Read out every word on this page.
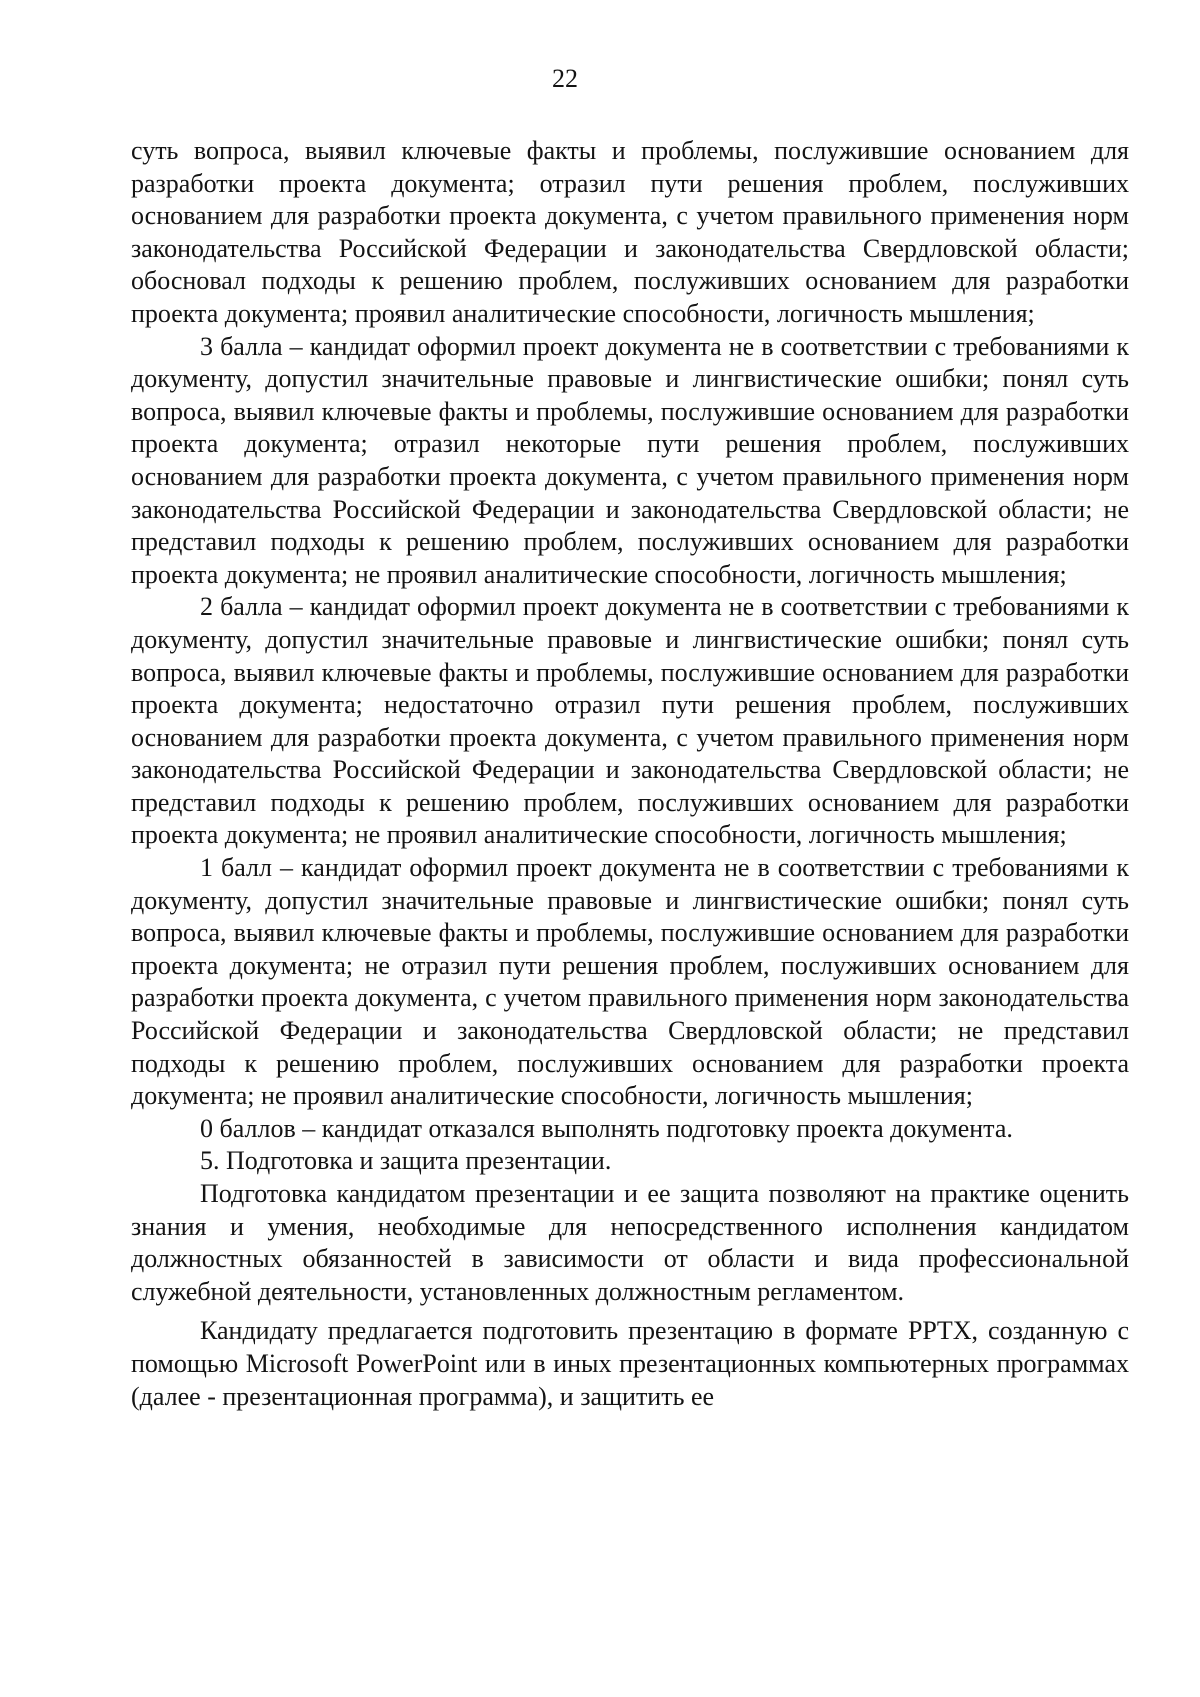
22

суть вопроса, выявил ключевые факты и проблемы, послужившие основанием для разработки проекта документа; отразил пути решения проблем, послуживших основанием для разработки проекта документа, с учетом правильного применения норм законодательства Российской Федерации и законодательства Свердловской области; обосновал подходы к решению проблем, послуживших основанием для разработки проекта документа; проявил аналитические способности, логичность мышления;

3 балла – кандидат оформил проект документа не в соответствии с требованиями к документу, допустил значительные правовые и лингвистические ошибки; понял суть вопроса, выявил ключевые факты и проблемы, послужившие основанием для разработки проекта документа; отразил некоторые пути решения проблем, послуживших основанием для разработки проекта документа, с учетом правильного применения норм законодательства Российской Федерации и законодательства Свердловской области; не представил подходы к решению проблем, послуживших основанием для разработки проекта документа; не проявил аналитические способности, логичность мышления;

2 балла – кандидат оформил проект документа не в соответствии с требованиями к документу, допустил значительные правовые и лингвистические ошибки; понял суть вопроса, выявил ключевые факты и проблемы, послужившие основанием для разработки проекта документа; недостаточно отразил пути решения проблем, послуживших основанием для разработки проекта документа, с учетом правильного применения норм законодательства Российской Федерации и законодательства Свердловской области; не представил подходы к решению проблем, послуживших основанием для разработки проекта документа; не проявил аналитические способности, логичность мышления;

1 балл – кандидат оформил проект документа не в соответствии с требованиями к документу, допустил значительные правовые и лингвистические ошибки; понял суть вопроса, выявил ключевые факты и проблемы, послужившие основанием для разработки проекта документа; не отразил пути решения проблем, послуживших основанием для разработки проекта документа, с учетом правильного применения норм законодательства Российской Федерации и законодательства Свердловской области; не представил подходы к решению проблем, послуживших основанием для разработки проекта документа; не проявил аналитические способности, логичность мышления;

0 баллов – кандидат отказался выполнять подготовку проекта документа.

5. Подготовка и защита презентации.

Подготовка кандидатом презентации и ее защита позволяют на практике оценить знания и умения, необходимые для непосредственного исполнения кандидатом должностных обязанностей в зависимости от области и вида профессиональной служебной деятельности, установленных должностным регламентом.

Кандидату предлагается подготовить презентацию в формате PPTX, созданную с помощью Microsoft PowerPoint или в иных презентационных компьютерных программах (далее - презентационная программа), и защитить ее
